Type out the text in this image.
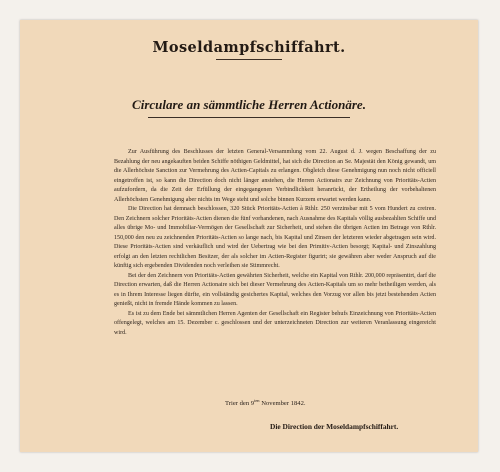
Moseldampfschiffahrt.
Circulare an sämmtliche Herren Actionäre.

Zur Ausführung des Beschlusses der letzten General-Versammlung vom 22. August d. J. wegen Beschaffung der zu Bezahlung der neu angekauften beiden Schiffe nöthigen Geldmittel, hat sich die Direction an Se. Majestät den König gewandt, um die Allerhöchste Sanction zur Vermehrung des Actien-Capitals zu erlangen. Obgleich diese Genehmigung nun noch nicht officiell eingetroffen ist, so kann die Direction doch nicht länger anstehen, die Herren Actionairs zur Zeichnung von Prioritäts-Actien aufzufordern, da die Zeit der Erfüllung der eingegangenen Verbindlichkeit heranrückt, der Ertheilung der vorbehaltenen Allerhöchsten Genehmigung aber nichts im Wege steht und solche binnen Kurzem erwartet werden kann.

Die Direction hat demnach beschlossen, 320 Stück Prioritäts-Actien à Rthlr. 250 verzinsbar mit 5 vom Hundert zu creiren. Den Zeichnern solcher Prioritäts-Actien dienen die fünf vorhandenen, nach Ausnahme des Kapitals völlig ausbezahlten Schiffe und alles übrige Mo- und Immobiliar-Vermögen der Gesellschaft zur Sicherheit, und stehen die übrigen Actien im Betrage von Rthlr. 150,000 den neu zu zeichnenden Prioritäts-Actien so lange nach, bis Kapital und Zinsen der letzteren wieder abgetragen sein wird. Diese Prioritäts-Actien sind verkäuflich und wird der Uebertrag wie bei den Primitiv-Actien besorgt; Kapital- und Zinszahlung erfolgt an den letzten rechtlichen Besitzer, der als solcher im Actien-Register figurirt; sie gewähren aber weder Anspruch auf die künftig sich ergebenden Dividenden noch verleihen sie Stimmrecht.

Bei der den Zeichnern von Prioritäts-Actien gewährten Sicherheit, welche ein Kapital von Rthlr. 200,000 repräsentirt, darf die Direction erwarten, daß die Herren Actionaire sich bei dieser Vermehrung des Actien-Kapitals um so mehr betheiligen werden, als es in Ihrem Interesse liegen dürfte, ein vollständig gesichertes Kapital, welches den Vorzug vor allen bis jetzt bestehenden Actien genießt, nicht in fremde Hände kommen zu lassen.

Es ist zu dem Ende bei sämmtlichen Herren Agenten der Gesellschaft ein Register behufs Einzeichnung von Prioritäts-Actien offengelegt, welches am 15. Dezember c. geschlossen und der unterzeichneten Direction zur weiteren Veranlassung eingereicht wird.

Trier den $9^{ten}$ November 1842.
Die Direction der Moseldampfschiffahrt.
